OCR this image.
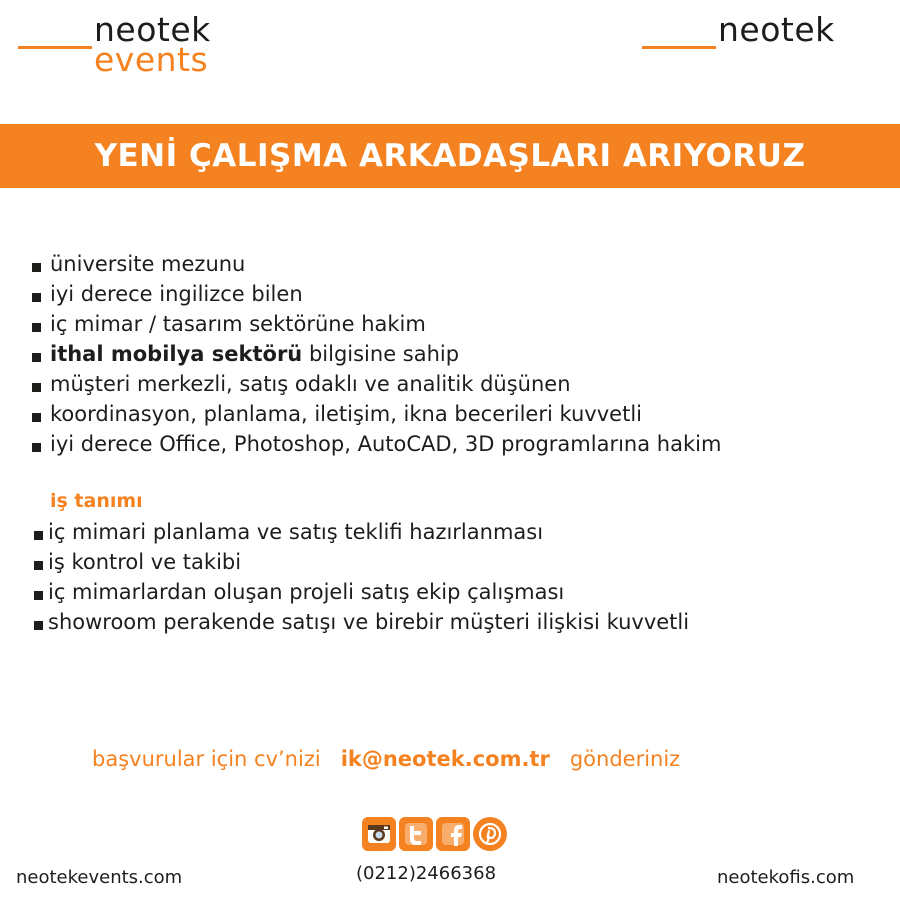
neotek
events
neotek
YENİ ÇALIŞMA ARKADAŞLARI ARIYORUZ
üniversite mezunu
iyi derece ingilizce bilen
iç mimar / tasarım sektörüne hakim
ithal mobilya sektörü bilgisine sahip
müşteri merkezli, satış odaklı ve analitik düşünen
koordinasyon, planlama, iletişim, ikna becerileri kuvvetli
iyi derece Office, Photoshop, AutoCAD, 3D programlarına hakim
iş tanımı
iç mimari planlama ve satış teklifi hazırlanması
iş kontrol ve takibi
iç mimarlardan oluşan projeli satış ekip çalışması
showroom perakende satışı ve birebir müşteri ilişkisi kuvvetli
başvurular için cv’nizi ik@neotek.com.tr gönderiniz
neotekevents.com	(0212)2466368	neotekofis.com
